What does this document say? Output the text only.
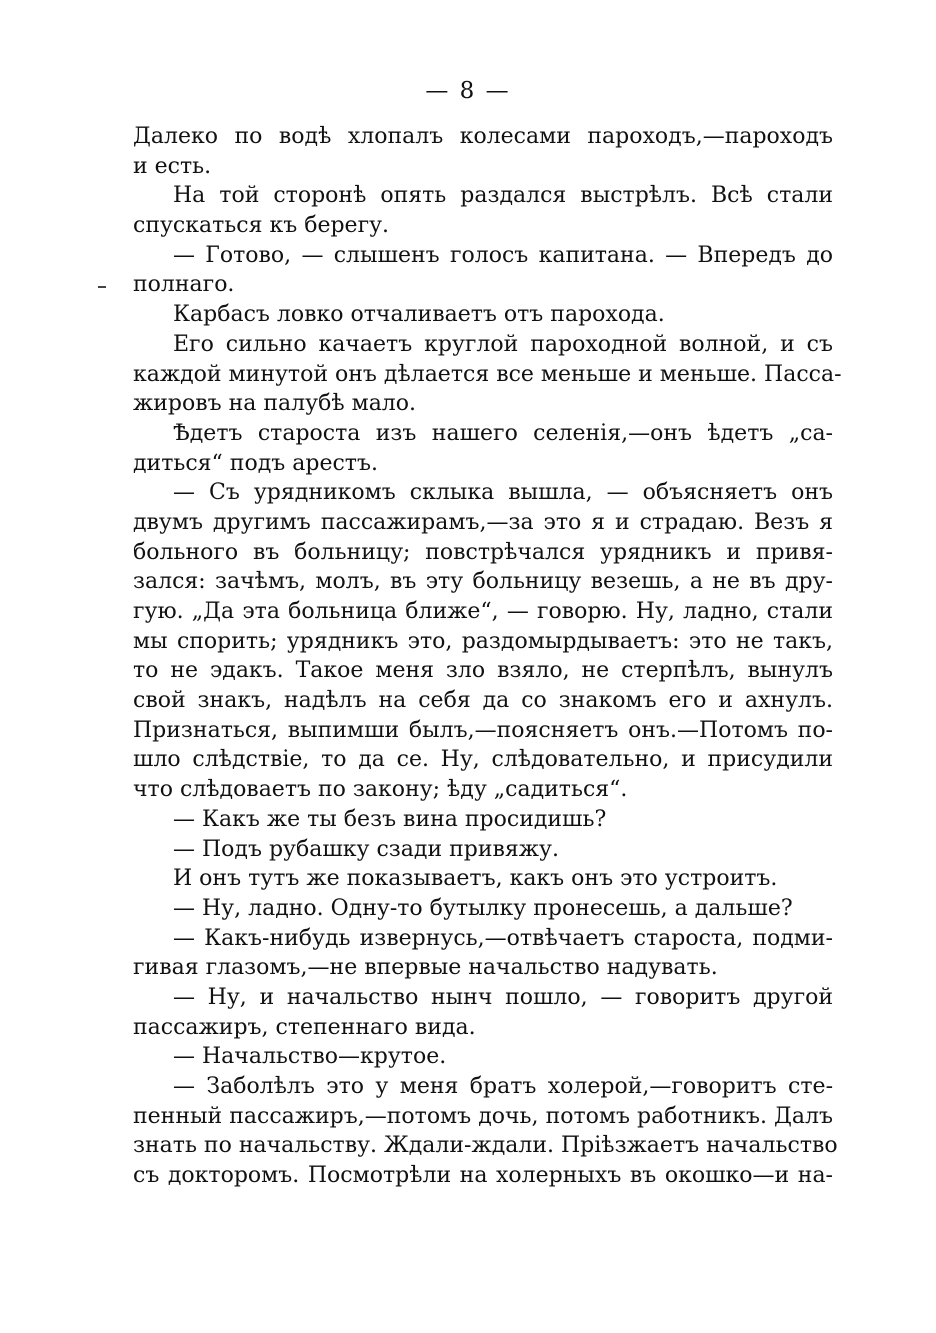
— 8 —
Далеко по водѣ хлопалъ колесами пароходъ,—пароходъ
и есть.
На той сторонѣ опять раздался выстрѣлъ. Всѣ стали
спускаться къ берегу.
— Готово, — слышенъ голосъ капитана. — Впередъ до
полнаго.
Карбасъ ловко отчаливаетъ отъ парохода.
Его сильно качаетъ круглой пароходной волной, и съ
каждой минутой онъ дѣлается все меньше и меньше. Пасса-
жировъ на палубѣ мало.
Ѣдетъ староста изъ нашего селенія,—онъ ѣдетъ „са-
диться“ подъ арестъ.
— Съ урядникомъ склыка вышла, — объясняетъ онъ
двумъ другимъ пассажирамъ,—за это я и страдаю. Везъ я
больного въ больницу; повстрѣчался урядникъ и привя-
зался: зачѣмъ, молъ, въ эту больницу везешь, а не въ дру-
гую. „Да эта больница ближе“, — говорю. Ну, ладно, стали
мы спорить; урядникъ это, раздомырдываетъ: это не такъ,
то не эдакъ. Такое меня зло взяло, не стерпѣлъ, вынулъ
свой знакъ, надѣлъ на себя да со знакомъ его и ахнулъ.
Признаться, выпимши былъ,—поясняетъ онъ.—Потомъ по-
шло слѣдствіе, то да се. Ну, слѣдовательно, и присудили
что слѣдоваетъ по закону; ѣду „садиться“.
— Какъ же ты безъ вина просидишь?
— Подъ рубашку сзади привяжу.
И онъ тутъ же показываетъ, какъ онъ это устроитъ.
— Ну, ладно. Одну-то бутылку пронесешь, а дальше?
— Какъ-нибудь извернусь,—отвѣчаетъ староста, подми-
гивая глазомъ,—не впервые начальство надувать.
— Ну, и начальство нынч пошло, — говоритъ другой
пассажиръ, степеннаго вида.
— Начальство—крутое.
— Заболѣлъ это у меня братъ холерой,—говоритъ сте-
пенный пассажиръ,—потомъ дочь, потомъ работникъ. Далъ
знать по начальству. Ждали-ждали. Пріѣзжаетъ начальство
съ докторомъ. Посмотрѣли на холерныхъ въ окошко—и на-
